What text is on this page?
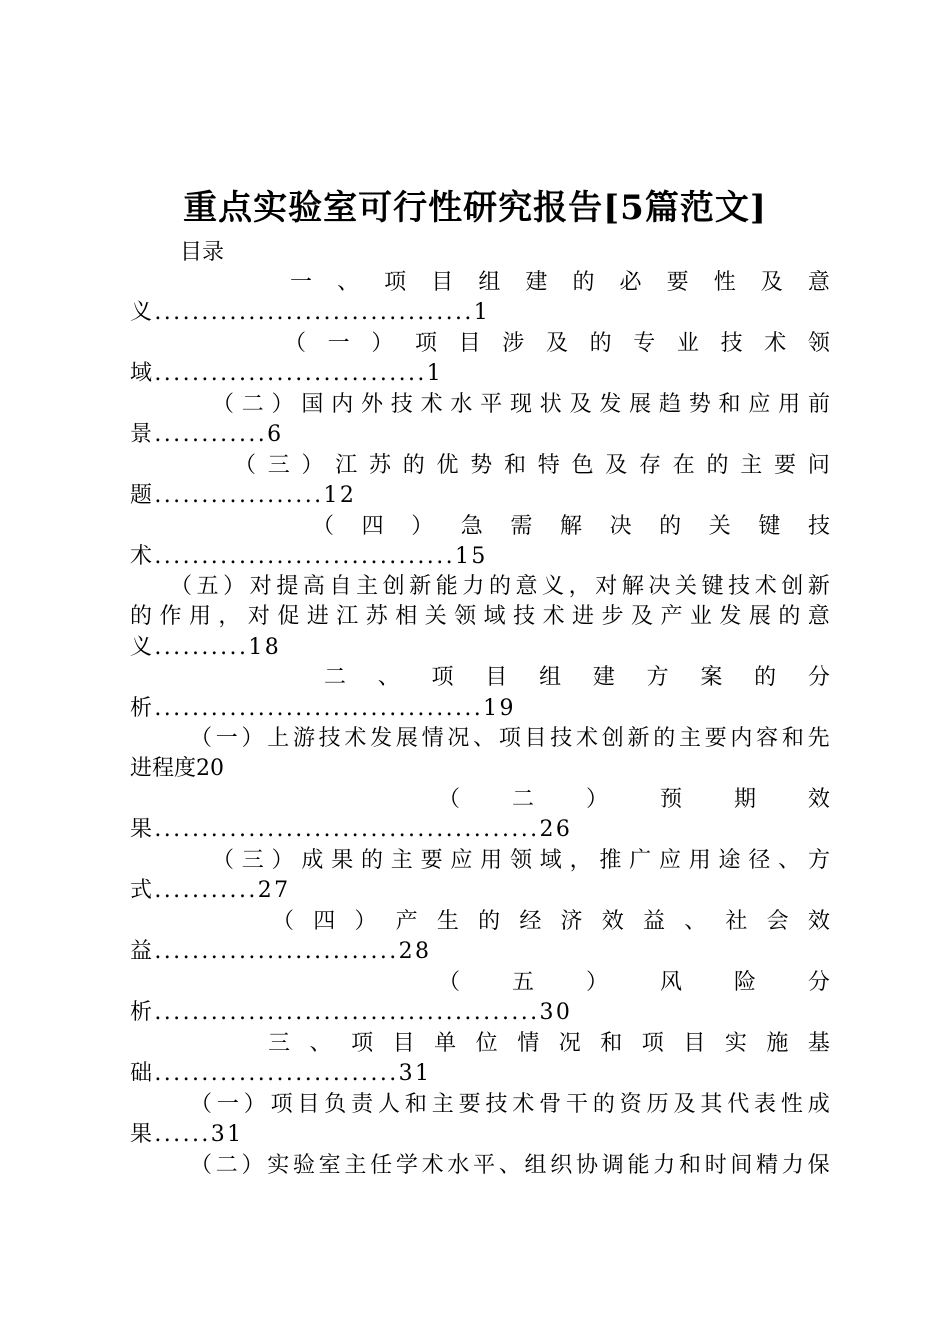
重点实验室可行性研究报告[5篇范文]
目录
一 、 项 目 组 建 的 必 要 性 及 意
义..................................1
（ 一 ） 项 目 涉 及 的 专 业 技 术 领
域.............................1
（ 二 ） 国 内 外 技 术 水 平 现 状 及 发 展 趋 势 和 应 用 前
景............6
（ 三 ） 江 苏 的 优 势 和 特 色 及 存 在 的 主 要 问
题..................12
（ 四 ） 急 需 解 决 的 关 键 技
术................................15
（ 五 ） 对 提 高 自 主 创 新 能 力 的 意 义 ， 对 解 决 关 键 技 术 创 新
的 作 用 ， 对 促 进 江 苏 相 关 领 域 技 术 进 步 及 产 业 发 展 的 意
义..........18
二 、 项 目 组 建 方 案 的 分
析...................................19
（ 一 ） 上 游 技 术 发 展 情 况 、 项 目 技 术 创 新 的 主 要 内 容 和 先
进程度20
（ 二 ） 预 期 效
果.........................................26
（ 三 ） 成 果 的 主 要 应 用 领 域 ， 推 广 应 用 途 径 、 方
式...........27
（ 四 ） 产 生 的 经 济 效 益 、 社 会 效
益..........................28
（ 五 ） 风 险 分
析.........................................30
三 、 项 目 单 位 情 况 和 项 目 实 施 基
础..........................31
（ 一 ） 项 目 负 责 人 和 主 要 技 术 骨 干 的 资 历 及 其 代 表 性 成
果......31
（ 二 ） 实 验 室 主 任 学 术 水 平 、 组 织 协 调 能 力 和 时 间 精 力 保
